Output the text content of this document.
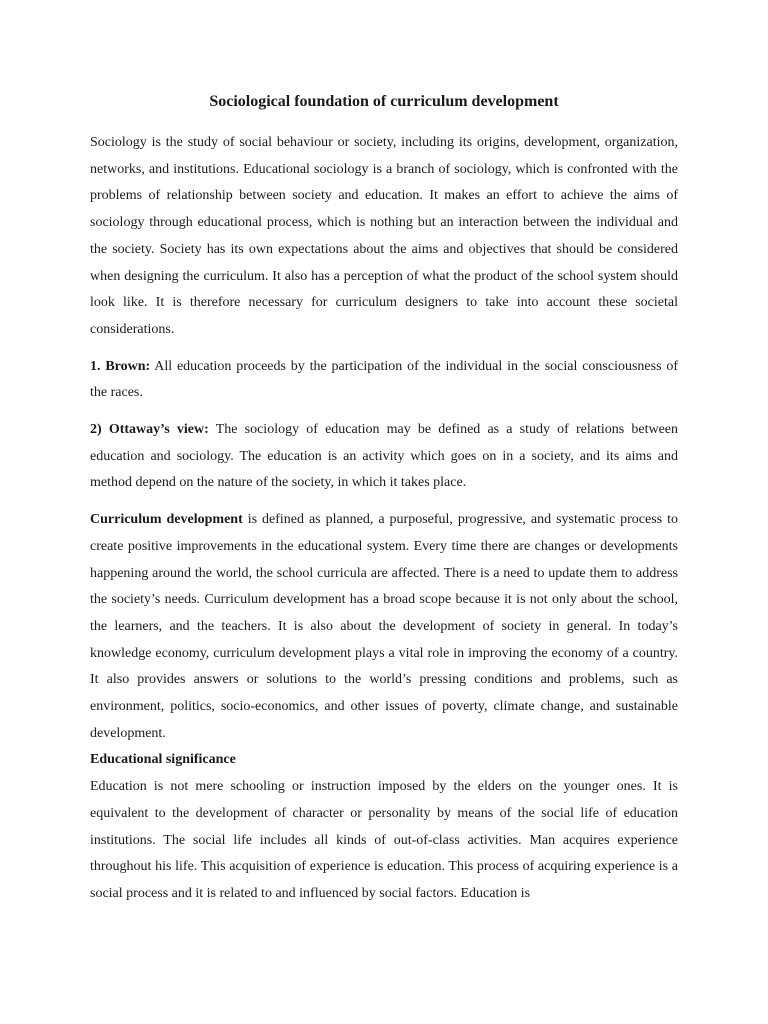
Sociological foundation of curriculum development

Sociology is the study of social behaviour or society, including its origins, development, organization, networks, and institutions. Educational sociology is a branch of sociology, which is confronted with the problems of relationship between society and education. It makes an effort to achieve the aims of sociology through educational process, which is nothing but an interaction between the individual and the society. Society has its own expectations about the aims and objectives that should be considered when designing the curriculum. It also has a perception of what the product of the school system should look like. It is therefore necessary for curriculum designers to take into account these societal considerations.

1. Brown: All education proceeds by the participation of the individual in the social consciousness of the races.

2) Ottaway’s view: The sociology of education may be defined as a study of relations between education and sociology. The education is an activity which goes on in a society, and its aims and method depend on the nature of the society, in which it takes place.

Curriculum development is defined as planned, a purposeful, progressive, and systematic process to create positive improvements in the educational system. Every time there are changes or developments happening around the world, the school curricula are affected. There is a need to update them to address the society’s needs. Curriculum development has a broad scope because it is not only about the school, the learners, and the teachers. It is also about the development of society in general. In today’s knowledge economy, curriculum development plays a vital role in improving the economy of a country. It also provides answers or solutions to the world’s pressing conditions and problems, such as environment, politics, socio-economics, and other issues of poverty, climate change, and sustainable development.

Educational significance

Education is not mere schooling or instruction imposed by the elders on the younger ones. It is equivalent to the development of character or personality by means of the social life of education institutions. The social life includes all kinds of out-of-class activities. Man acquires experience throughout his life. This acquisition of experience is education. This process of acquiring experience is a social process and it is related to and influenced by social factors. Education is
